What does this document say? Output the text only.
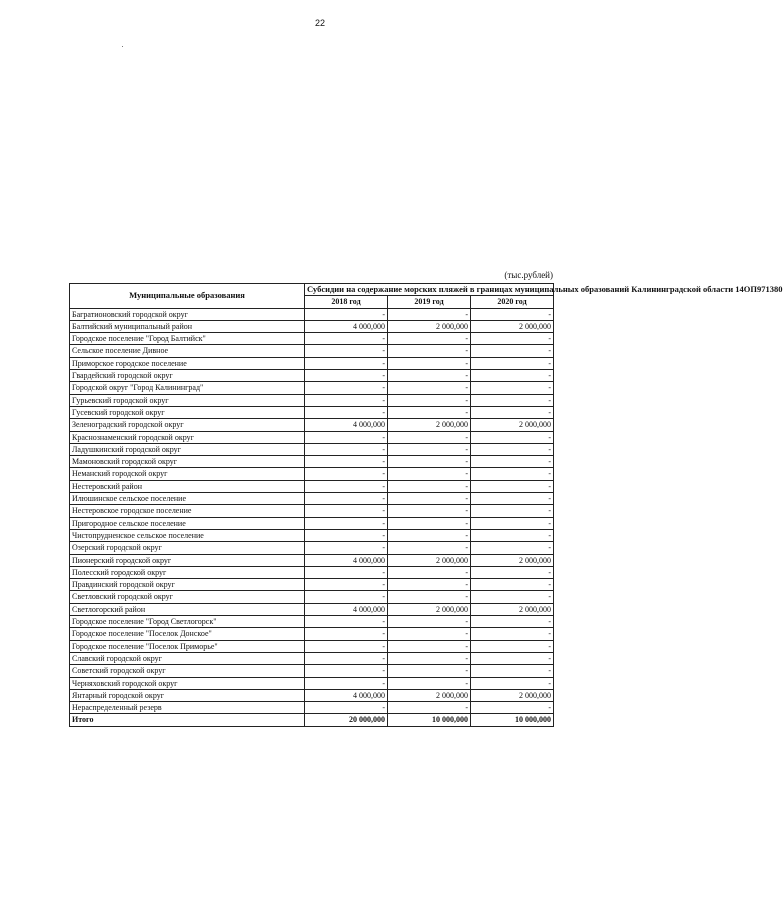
22
(тыс.рублей)
Муниципальные образования	Субсидии на содержание морских пляжей в границах муниципальных образований Калининградской области 14ОП971380		
	2018 год	2019 год	2020 год
Багратионовский городской округ	-	-	-
Балтийский муниципальный район	4 000,000	2 000,000	2 000,000
Городское поселение "Город Балтийск"	-	-	-
Сельское поселение Дивное	-	-	-
Приморское городское поселение	-	-	-
Гвардейский городской округ	-	-	-
Городской округ "Город Калининград"	-	-	-
Гурьевский городской округ	-	-	-
Гусевский городской округ	-	-	-
Зеленоградский городской округ	4 000,000	2 000,000	2 000,000
Краснознаменский городской округ	-	-	-
Ладушкинский городской округ	-	-	-
Мамоновский городской округ	-	-	-
Неманский городской округ	-	-	-
Нестеровский район	-	-	-
Илюшинское сельское поселение	-	-	-
Нестеровское городское поселение	-	-	-
Пригородное сельское поселение	-	-	-
Чистопрудненское сельское поселение	-	-	-
Озерский городской округ	-	-	-
Пионерский городской округ	4 000,000	2 000,000	2 000,000
Полесский городской округ	-	-	-
Правдинский городской округ	-	-	-
Светловский городской округ	-	-	-
Светлогорский район	4 000,000	2 000,000	2 000,000
Городское поселение "Город Светлогорск"	-	-	-
Городское поселение "Поселок Донское"	-	-	-
Городское поселение "Поселок Приморье"	-	-	-
Славский городской округ	-	-	-
Советский городской округ	-	-	-
Черняховский городской округ	-	-	-
Янтарный городской округ	4 000,000	2 000,000	2 000,000
Нераспределенный резерв	-	-	-
Итого	20 000,000	10 000,000	10 000,000
